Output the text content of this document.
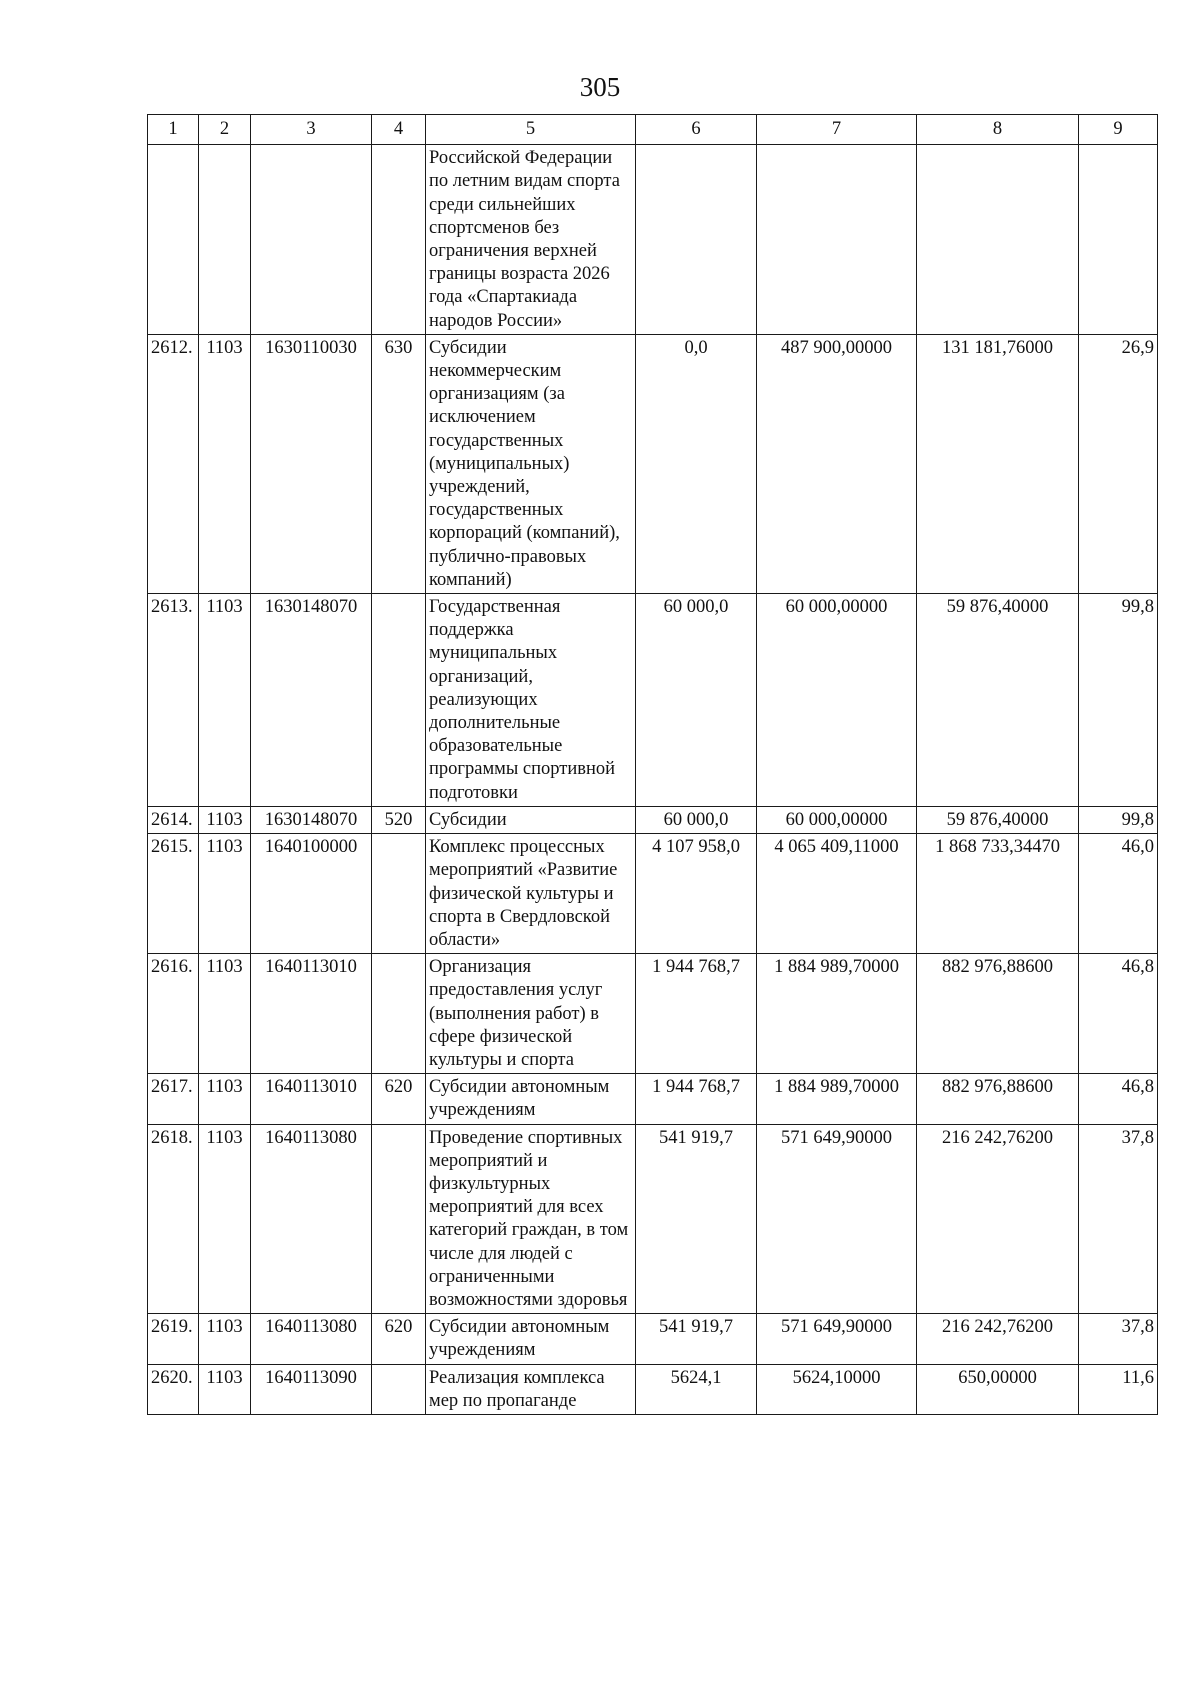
305
1	2	3	4	5	6	7	8	9
				Российской Федерации по летним видам спорта среди сильнейших спортсменов без ограничения верхней границы возраста 2026 года «Спартакиада народов России»				
2612.	1103	1630110030	630	Субсидии некоммерческим организациям (за исключением государственных (муниципальных) учреждений, государственных корпораций (компаний), публично-правовых компаний)	0,0	487 900,00000	131 181,76000	26,9
2613.	1103	1630148070		Государственная поддержка муниципальных организаций, реализующих дополнительные образовательные программы спортивной подготовки	60 000,0	60 000,00000	59 876,40000	99,8
2614.	1103	1630148070	520	Субсидии	60 000,0	60 000,00000	59 876,40000	99,8
2615.	1103	1640100000		Комплекс процессных мероприятий «Развитие физической культуры и спорта в Свердловской области»	4 107 958,0	4 065 409,11000	1 868 733,34470	46,0
2616.	1103	1640113010		Организация предоставления услуг (выполнения работ) в сфере физической культуры и спорта	1 944 768,7	1 884 989,70000	882 976,88600	46,8
2617.	1103	1640113010	620	Субсидии автономным учреждениям	1 944 768,7	1 884 989,70000	882 976,88600	46,8
2618.	1103	1640113080		Проведение спортивных мероприятий и физкультурных мероприятий для всех категорий граждан, в том числе для людей с ограниченными возможностями здоровья	541 919,7	571 649,90000	216 242,76200	37,8
2619.	1103	1640113080	620	Субсидии автономным учреждениям	541 919,7	571 649,90000	216 242,76200	37,8
2620.	1103	1640113090		Реализация комплекса мер по пропаганде	5624,1	5624,10000	650,00000	11,6
